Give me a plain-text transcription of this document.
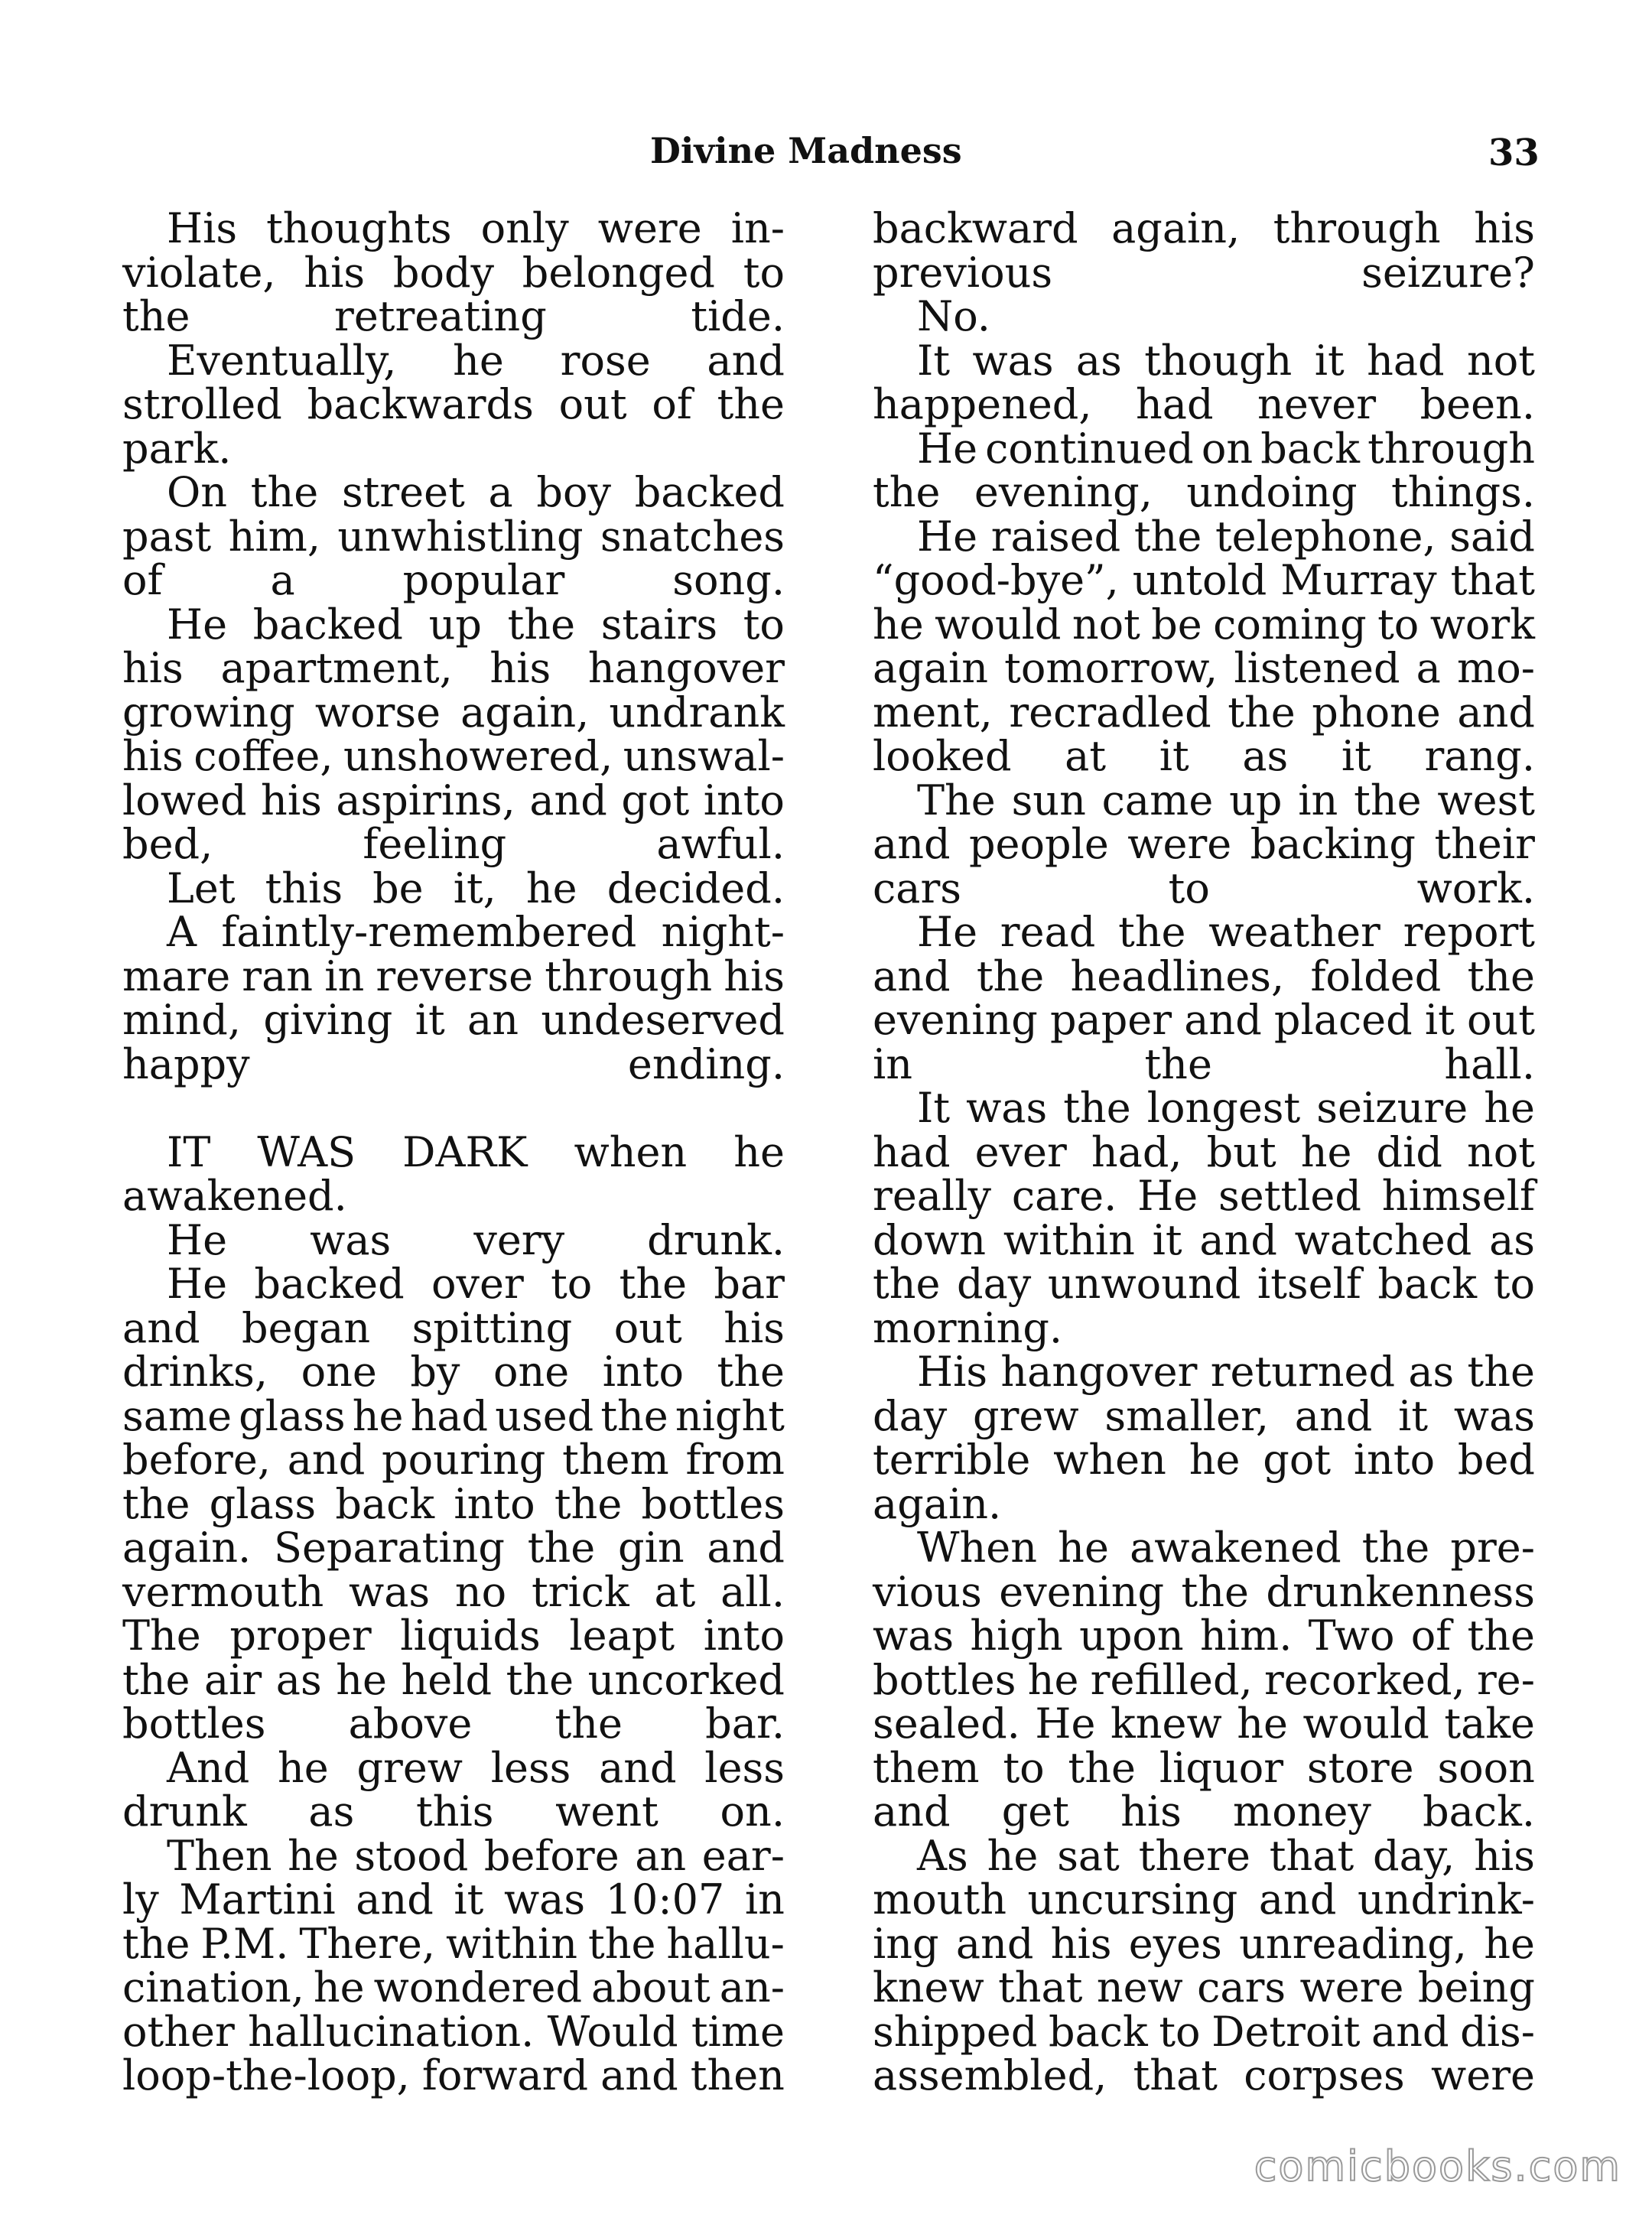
Divine Madness	33
His thoughts only were in-
violate, his body belonged to
the retreating tide.
Eventually, he rose and
strolled backwards out of the
park.
On the street a boy backed
past him, unwhistling snatches
of a popular song.
He backed up the stairs to
his apartment, his hangover
growing worse again, undrank
his coffee, unshowered, unswal-
lowed his aspirins, and got into
bed, feeling awful.
Let this be it, he decided.
A faintly-remembered night-
mare ran in reverse through his
mind, giving it an undeserved
happy ending.
IT WAS DARK when he
awakened.
He was very drunk.
He backed over to the bar
and began spitting out his
drinks, one by one into the
same glass he had used the night
before, and pouring them from
the glass back into the bottles
again. Separating the gin and
vermouth was no trick at all.
The proper liquids leapt into
the air as he held the uncorked
bottles above the bar.
And he grew less and less
drunk as this went on.
Then he stood before an ear-
ly Martini and it was 10:07 in
the P.M. There, within the hallu-
cination, he wondered about an-
other hallucination. Would time
loop-the-loop, forward and then
backward again, through his
previous seizure?
No.
It was as though it had not
happened, had never been.
He continued on back through
the evening, undoing things.
He raised the telephone, said
“good-bye”, untold Murray that
he would not be coming to work
again tomorrow, listened a mo-
ment, recradled the phone and
looked at it as it rang.
The sun came up in the west
and people were backing their
cars to work.
He read the weather report
and the headlines, folded the
evening paper and placed it out
in the hall.
It was the longest seizure he
had ever had, but he did not
really care. He settled himself
down within it and watched as
the day unwound itself back to
morning.
His hangover returned as the
day grew smaller, and it was
terrible when he got into bed
again.
When he awakened the pre-
vious evening the drunkenness
was high upon him. Two of the
bottles he refilled, recorked, re-
sealed. He knew he would take
them to the liquor store soon
and get his money back.
As he sat there that day, his
mouth uncursing and undrink-
ing and his eyes unreading, he
knew that new cars were being
shipped back to Detroit and dis-
assembled, that corpses were
comicbooks.com
